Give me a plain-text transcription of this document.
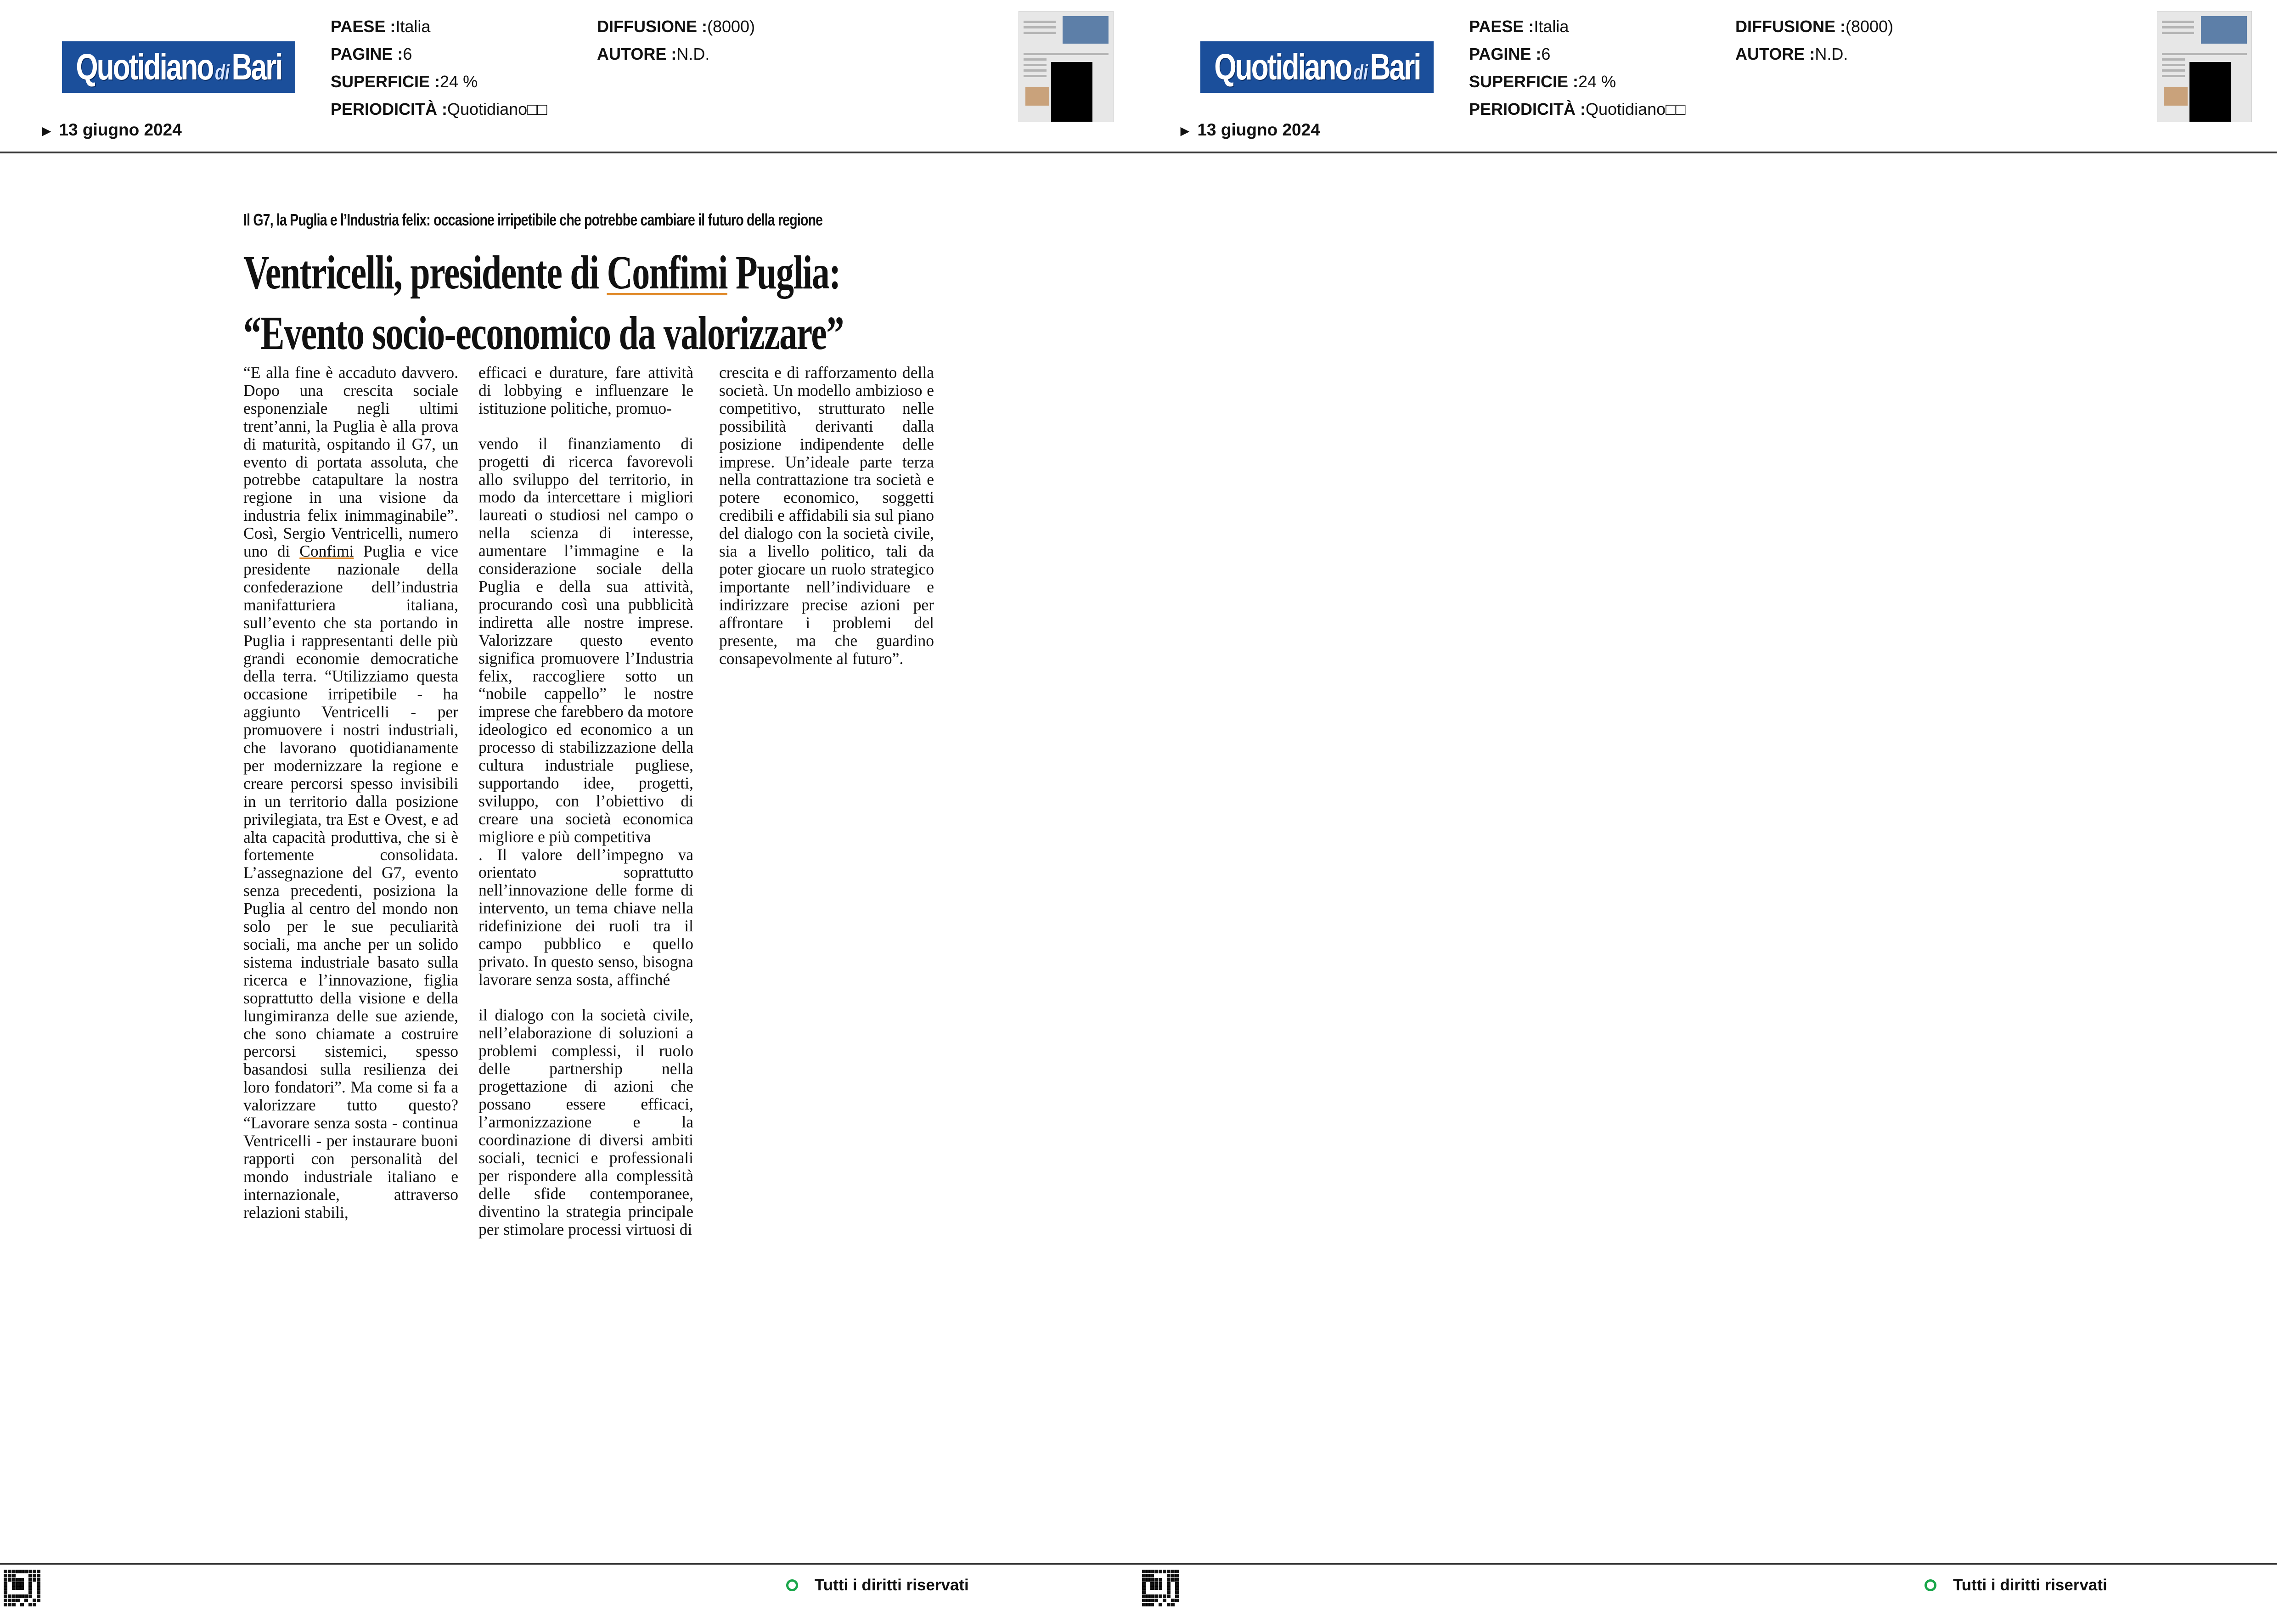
Quotidiano diBari
PAESE :Italia
PAGINE :6
SUPERFICIE :24 %
PERIODICITÀ :Quotidiano□□
DIFFUSIONE :(8000)
AUTORE :N.D.
▶ 13 giugno 2024
Il G7, la Puglia e l’Industria felix: occasione irripetibile che potrebbe cambiare il futuro della regione
Ventricelli, presidente di Confimi Puglia:
“Evento socio-economico da valorizzare”

“E alla fine è accaduto davvero. Dopo una crescita sociale esponenziale negli ultimi trent’anni, la Puglia è alla prova di maturità, ospitando il G7, un evento di portata assoluta, che potrebbe catapultare la nostra regione in una visione da industria felix inimmaginabile”. Così, Sergio Ventricelli, numero uno di Confimi Puglia e vice presidente nazionale della confederazione dell’industria manifatturiera italiana, sull’evento che sta portando in Puglia i rappresentanti delle più grandi economie democratiche della terra. “Utilizziamo questa occasione irripetibile - ha aggiunto Ventricelli - per promuovere i nostri industriali, che lavorano quotidianamente per modernizzare la regione e creare percorsi spesso invisibili in un territorio dalla posizione privilegiata, tra Est e Ovest, e ad alta capacità produttiva, che si è fortemente consolidata. L’assegnazione del G7, evento senza precedenti, posiziona la Puglia al centro del mondo non solo per le sue peculiarità sociali, ma anche per un solido sistema industriale basato sulla ricerca e l’innovazione, figlia soprattutto della visione e della lungimiranza delle sue aziende, che sono chiamate a costruire percorsi sistemici, spesso basandosi sulla resilienza dei loro fondatori”. Ma come si fa a valorizzare tutto questo? “Lavorare senza sosta - continua Ventricelli - per instaurare buoni rapporti con personalità del mondo industriale italiano e internazionale, attraverso relazioni stabili,

efficaci e durature, fare attività di lobbying e influenzare le istituzione politiche, promuo-

vendo il finanziamento di progetti di ricerca favorevoli allo sviluppo del territorio, in modo da intercettare i migliori laureati o studiosi nel campo o nella scienza di interesse, aumentare l’immagine e la considerazione sociale della Puglia e della sua attività, procurando così una pubblicità indiretta alle nostre imprese. Valorizzare questo evento significa promuovere l’Industria felix, raccogliere sotto un “nobile cappello” le nostre imprese che farebbero da motore ideologico ed economico a un processo di stabilizzazione della cultura industriale pugliese, supportando idee, progetti, sviluppo, con l’obiettivo di creare una società economica migliore e più competitiva

. Il valore dell’impegno va orientato soprattutto nell’innovazione delle forme di intervento, un tema chiave nella ridefinizione dei ruoli tra il campo pubblico e quello privato. In questo senso, bisogna lavorare senza sosta, affinché

il dialogo con la società civile, nell’elaborazione di soluzioni a problemi complessi, il ruolo delle partnership nella progettazione di azioni che possano essere efficaci, l’armonizzazione e la coordinazione di diversi ambiti sociali, tecnici e professionali per rispondere alla complessità delle sfide contemporanee, diventino la strategia principale per stimolare processi virtuosi di

crescita e di rafforzamento della società. Un modello ambizioso e competitivo, strutturato nelle possibilità derivanti dalla posizione indipendente delle imprese. Un’ideale parte terza nella contrattazione tra società e potere economico, soggetti credibili e affidabili sia sul piano del dialogo con la società civile, sia a livello politico, tali da poter giocare un ruolo strategico importante nell’individuare e indirizzare precise azioni per affrontare i problemi del presente, ma che guardino consapevolmente al futuro”.

Tutti i diritti riservati
Quotidiano diBari
PAESE :Italia
PAGINE :6
SUPERFICIE :24 %
PERIODICITÀ :Quotidiano□□
DIFFUSIONE :(8000)
AUTORE :N.D.
▶ 13 giugno 2024
Tutti i diritti riservati
